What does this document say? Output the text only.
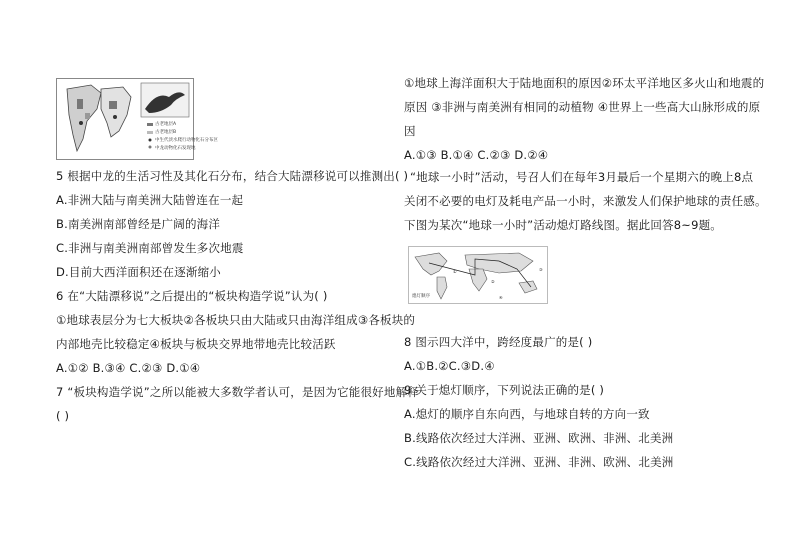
古老地层A
古老地层B
中生代淡水爬行动物化石分布区
中龙动物化石发现地
5 根据中龙的生活习性及其化石分布，结合大陆漂移说可以推测出( )
A.非洲大陆与南美洲大陆曾连在一起
B.南美洲南部曾经是广阔的海洋
C.非洲与南美洲南部曾发生多次地震
D.目前大西洋面积还在逐渐缩小
6 在“大陆漂移说”之后提出的“板块构造学说”认为( )
①地球表层分为七大板块②各板块只由大陆或只由海洋组成③各板块的
内部地壳比较稳定④板块与板块交界地带地壳比较活跃
A.①② B.③④ C.②③ D.①④
7 “板块构造学说”之所以能被大多数学者认可，是因为它能很好地解释
( )
①地球上海洋面积大于陆地面积的原因②环太平洋地区多火山和地震的
原因 ③非洲与南美洲有相同的动植物 ④世界上一些高大山脉形成的原
因
A.①③ B.①④ C.②③ D.②④
“地球一小时”活动，号召人们在每年3月最后一个星期六的晚上8点
关闭不必要的电灯及耗电产品一小时，来激发人们保护地球的责任感。
下图为某次“地球一小时”活动熄灯路线图。据此回答8~9题。
①
②
③
④
熄灯顺序
8 图示四大洋中，跨经度最广的是( )
A.①B.②C.③D.④
9 关于熄灯顺序，下列说法正确的是( )
A.熄灯的顺序自东向西，与地球自转的方向一致
B.线路依次经过大洋洲、亚洲、欧洲、非洲、北美洲
C.线路依次经过大洋洲、亚洲、非洲、欧洲、北美洲
